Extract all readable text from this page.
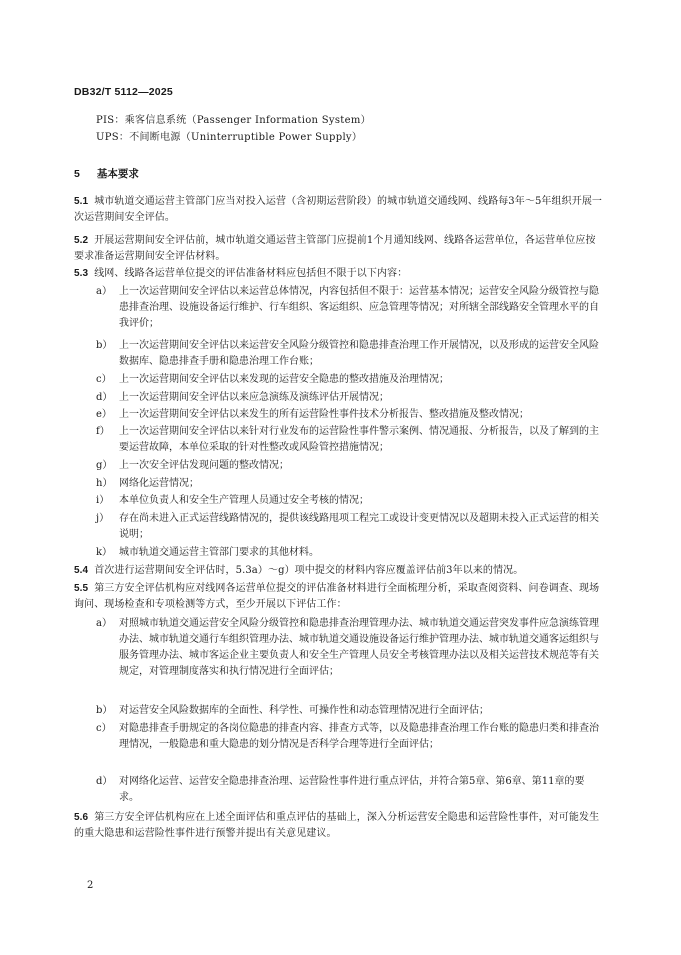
DB32/T 5112—2025
PIS：乘客信息系统（Passenger Information System）
UPS：不间断电源（Uninterruptible Power Supply）
5 基本要求
5.1 城市轨道交通运营主管部门应当对投入运营（含初期运营阶段）的城市轨道交通线网、线路每3年～5年组织开展一次运营期间安全评估。
5.2 开展运营期间安全评估前，城市轨道交通运营主管部门应提前1个月通知线网、线路各运营单位，各运营单位应按要求准备运营期间安全评估材料。
5.3 线网、线路各运营单位提交的评估准备材料应包括但不限于以下内容：
a） 上一次运营期间安全评估以来运营总体情况，内容包括但不限于：运营基本情况；运营安全风险分级管控与隐患排查治理、设施设备运行维护、行车组织、客运组织、应急管理等情况；对所辖全部线路安全管理水平的自我评价；
b） 上一次运营期间安全评估以来运营安全风险分级管控和隐患排查治理工作开展情况，以及形成的运营安全风险数据库、隐患排查手册和隐患治理工作台账；
c） 上一次运营期间安全评估以来发现的运营安全隐患的整改措施及治理情况；
d） 上一次运营期间安全评估以来应急演练及演练评估开展情况；
e） 上一次运营期间安全评估以来发生的所有运营险性事件技术分析报告、整改措施及整改情况；
f） 上一次运营期间安全评估以来针对行业发布的运营险性事件警示案例、情况通报、分析报告，以及了解到的主要运营故障，本单位采取的针对性整改或风险管控措施情况；
g） 上一次安全评估发现问题的整改情况；
h） 网络化运营情况；
i） 本单位负责人和安全生产管理人员通过安全考核的情况；
j） 存在尚未进入正式运营线路情况的，提供该线路甩项工程完工或设计变更情况以及超期未投入正式运营的相关说明；
k） 城市轨道交通运营主管部门要求的其他材料。
5.4 首次进行运营期间安全评估时，5.3a）～g）项中提交的材料内容应覆盖评估前3年以来的情况。
5.5 第三方安全评估机构应对线网各运营单位提交的评估准备材料进行全面梳理分析，采取查阅资料、问卷调查、现场询问、现场检查和专项检测等方式，至少开展以下评估工作：
a） 对照城市轨道交通运营安全风险分级管控和隐患排查治理管理办法、城市轨道交通运营突发事件应急演练管理办法、城市轨道交通行车组织管理办法、城市轨道交通设施设备运行维护管理办法、城市轨道交通客运组织与服务管理办法、城市客运企业主要负责人和安全生产管理人员安全考核管理办法以及相关运营技术规范等有关规定，对管理制度落实和执行情况进行全面评估；
b） 对运营安全风险数据库的全面性、科学性、可操作性和动态管理情况进行全面评估；
c） 对隐患排查手册规定的各岗位隐患的排查内容、排查方式等，以及隐患排查治理工作台账的隐患归类和排查治理情况，一般隐患和重大隐患的划分情况是否科学合理等进行全面评估；
d） 对网络化运营、运营安全隐患排查治理、运营险性事件进行重点评估，并符合第5章、第6章、第11章的要求。
5.6 第三方安全评估机构应在上述全面评估和重点评估的基础上，深入分析运营安全隐患和运营险性事件，对可能发生的重大隐患和运营险性事件进行预警并提出有关意见建议。
2
